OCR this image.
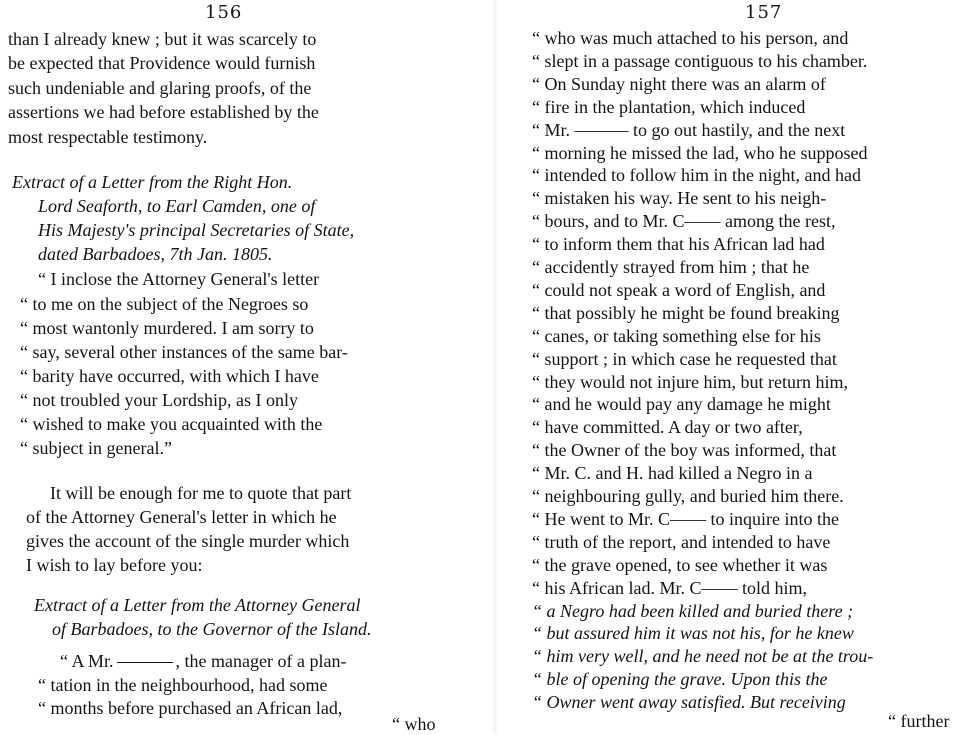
156
than I already knew ; but it was scarcely to
be expected that Providence would furnish
such undeniable and glaring proofs, of the
assertions we had before established by the
most respectable testimony.
Extract of a Letter from the Right Hon.
Lord Seaforth, to Earl Camden, one of
His Majesty's principal Secretaries of State,
dated Barbadoes, 7th Jan. 1805.
“ I inclose the Attorney General's letter
“ to me on the subject of the Negroes so
“ most wantonly murdered. I am sorry to
“ say, several other instances of the same bar-
“ barity have occurred, with which I have
“ not troubled your Lordship, as I only
“ wished to make you acquainted with the
“ subject in general.”
It will be enough for me to quote that part
of the Attorney General's letter in which he
gives the account of the single murder which
I wish to lay before you:
Extract of a Letter from the Attorney General
of Barbadoes, to the Governor of the Island.
“ A Mr.	, the manager of a plan-
“ tation in the neighbourhood, had some
“ months before purchased an African lad,
“ who
157
“ who was much attached to his person, and
“ slept in a passage contiguous to his chamber.
“ On Sunday night there was an alarm of
“ fire in the plantation, which induced
“ Mr. ——— to go out hastily, and the next
“ morning he missed the lad, who he supposed
“ intended to follow him in the night, and had
“ mistaken his way. He sent to his neigh-
“ bours, and to Mr. C—— among the rest,
“ to inform them that his African lad had
“ accidently strayed from him ; that he
“ could not speak a word of English, and
“ that possibly he might be found breaking
“ canes, or taking something else for his
“ support ; in which case he requested that
“ they would not injure him, but return him,
“ and he would pay any damage he might
“ have committed. A day or two after,
“ the Owner of the boy was informed, that
“ Mr. C. and H. had killed a Negro in a
“ neighbouring gully, and buried him there.
“ He went to Mr. C—— to inquire into the
“ truth of the report, and intended to have
“ the grave opened, to see whether it was
“ his African lad. Mr. C—— told him,
“ a Negro had been killed and buried there ;
“ but assured him it was not his, for he knew
“ him very well, and he need not be at the trou-
“ ble of opening the grave. Upon this the
“ Owner went away satisfied. But receiving
“ further
